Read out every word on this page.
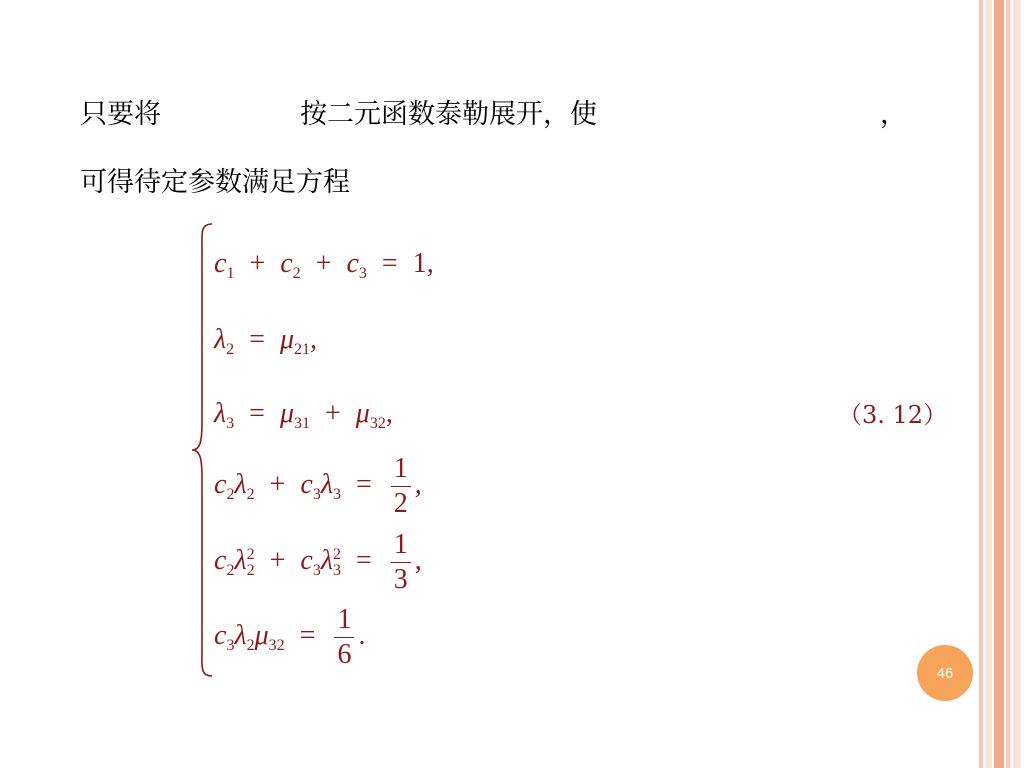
只要将	按二元函数泰勒展开，使	，
可得待定参数满足方程
$c_1 + c_2 + c_3 = 1$,
$\lambda_2 = \mu_{21}$,
$\lambda_3 = \mu_{31} + \mu_{32}$,	（3. 12）
$c_2\lambda_2 + c_3\lambda_3 = \frac{1}{2}$ ,
$c_2\lambda_2^2 + c_3\lambda_3^2 = \frac{1}{3}$ ,
$c_3\lambda_2\mu_{32} = \frac{1}{6}$ .
46
